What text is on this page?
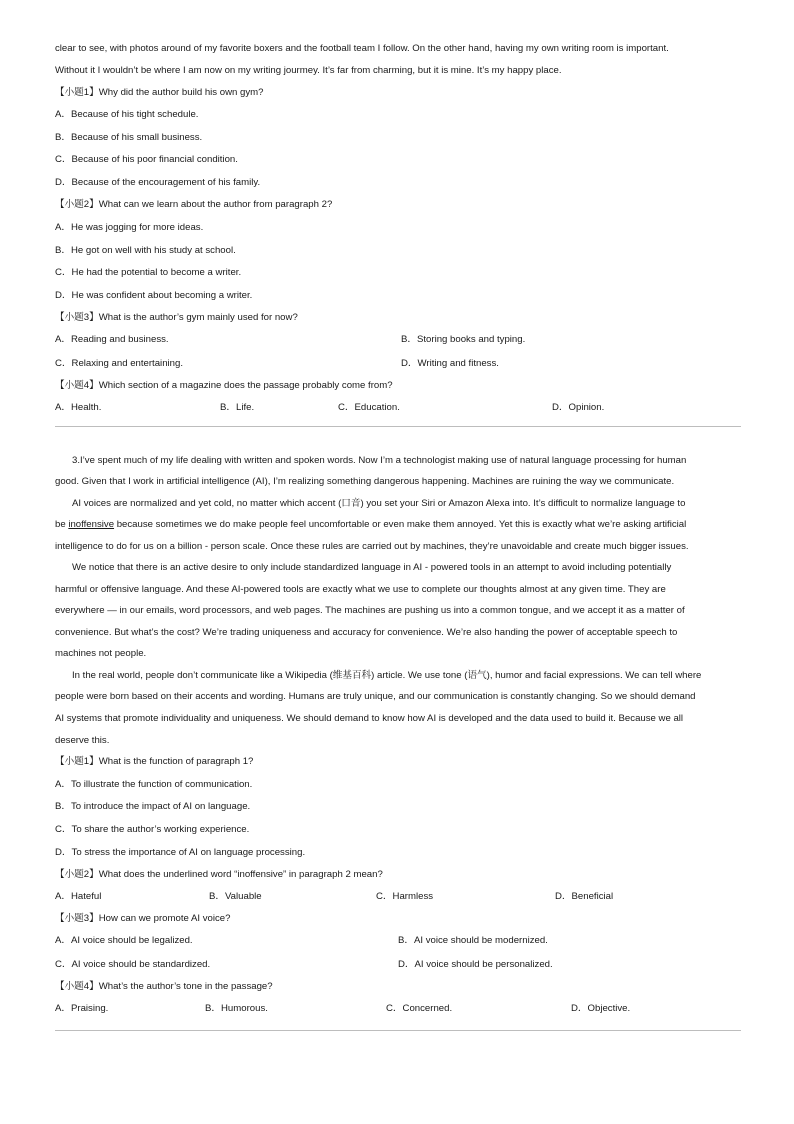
clear to see, with photos around of my favorite boxers and the football team I follow. On the other hand, having my own writing room is important.
Without it I wouldn’t be where I am now on my writing jourmey. It’s far from charming, but it is mine. It’s my happy place.
【小题1】Why did the author build his own gym?
A．Because of his tight schedule.
B．Because of his small business.
C．Because of his poor financial condition.
D．Because of the encouragement of his family.
【小题2】What can we learn about the author from paragraph 2?
A．He was jogging for more ideas.
B．He got on well with his study at school.
C．He had the potential to become a writer.
D．He was confident about becoming a writer.
【小题3】What is the author’s gym mainly used for now?
A．Reading and business.	B．Storing books and typing.
C．Relaxing and entertaining.	D．Writing and fitness.
【小题4】Which section of a magazine does the passage probably come from?
A．Health.	B．Life.	C．Education.	D．Opinion.
3.I’ve spent much of my life dealing with written and spoken words. Now I’m a technologist making use of natural language processing for human
good. Given that I work in artificial intelligence (AI), I’m realizing something dangerous happening. Machines are ruining the way we communicate.
AI voices are normalized and yet cold, no matter which accent (口音) you set your Siri or Amazon Alexa into. It’s difficult to normalize language to
be inoffensive because sometimes we do make people feel uncomfortable or even make them annoyed. Yet this is exactly what we’re asking artificial
intelligence to do for us on a billion - person scale. Once these rules are carried out by machines, they’re unavoidable and create much bigger issues.
We notice that there is an active desire to only include standardized language in AI - powered tools in an attempt to avoid including potentially
harmful or offensive language. And these AI-powered tools are exactly what we use to complete our thoughts almost at any given time. They are
everywhere — in our emails, word processors, and web pages. The machines are pushing us into a common tongue, and we accept it as a matter of
convenience. But what’s the cost? We’re trading uniqueness and accuracy for convenience. We’re also handing the power of acceptable speech to
machines not people.
In the real world, people don’t communicate like a Wikipedia (维基百科) article. We use tone (语气), humor and facial expressions. We can tell where
people were born based on their accents and wording. Humans are truly unique, and our communication is constantly changing. So we should demand
AI systems that promote individuality and uniqueness. We should demand to know how AI is developed and the data used to build it. Because we all
deserve this.
【小题1】What is the function of paragraph 1?
A．To illustrate the function of communication.
B．To introduce the impact of AI on language.
C．To share the author’s working experience.
D．To stress the importance of AI on language processing.
【小题2】What does the underlined word “inoffensive” in paragraph 2 mean?
A．Hateful	B．Valuable	C．Harmless	D．Beneficial
【小题3】How can we promote AI voice?
A．AI voice should be legalized.	B．AI voice should be modernized.
C．AI voice should be standardized.	D．AI voice should be personalized.
【小题4】What’s the author’s tone in the passage?
A．Praising.	B．Humorous.	C．Concerned.	D．Objective.
